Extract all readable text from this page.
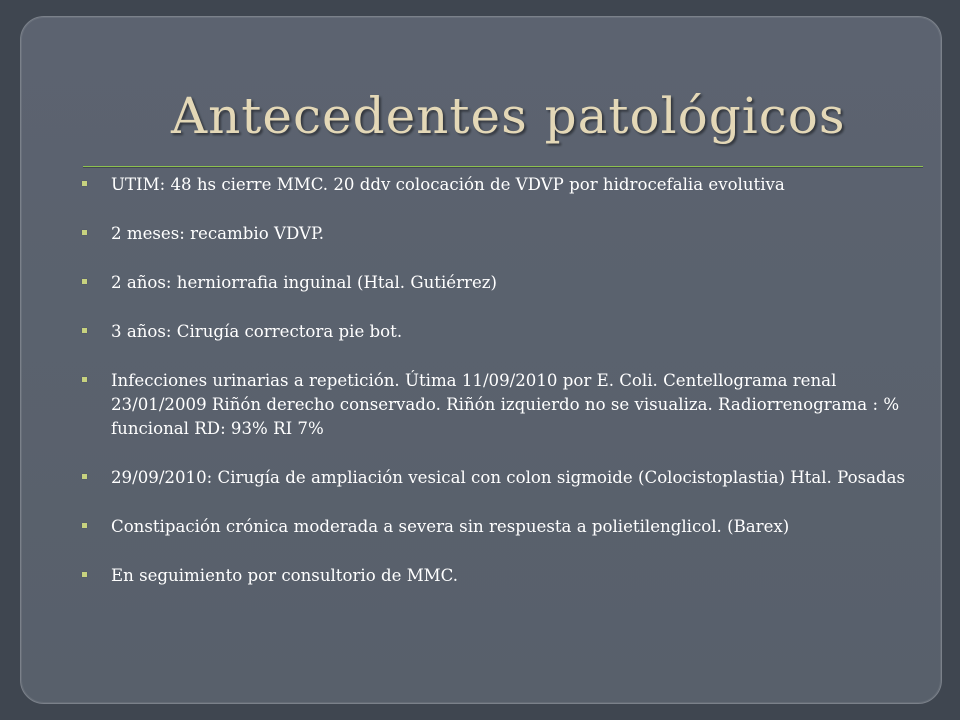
Antecedentes patológicos
UTIM: 48 hs cierre MMC. 20 ddv colocación de VDVP por hidrocefalia evolutiva
2 meses: recambio VDVP.
2 años: herniorrafia inguinal (Htal. Gutiérrez)
3 años: Cirugía correctora pie bot.
Infecciones urinarias a repetición. Útima 11/09/2010 por E. Coli. Centellograma renal 23/01/2009 Riñón derecho conservado. Riñón izquierdo no se visualiza. Radiorrenograma : % funcional RD: 93% RI 7%
29/09/2010: Cirugía de ampliación vesical con colon sigmoide (Colocistoplastia) Htal. Posadas
Constipación crónica moderada a severa sin respuesta a polietilenglicol. (Barex)
En seguimiento por consultorio de MMC.
